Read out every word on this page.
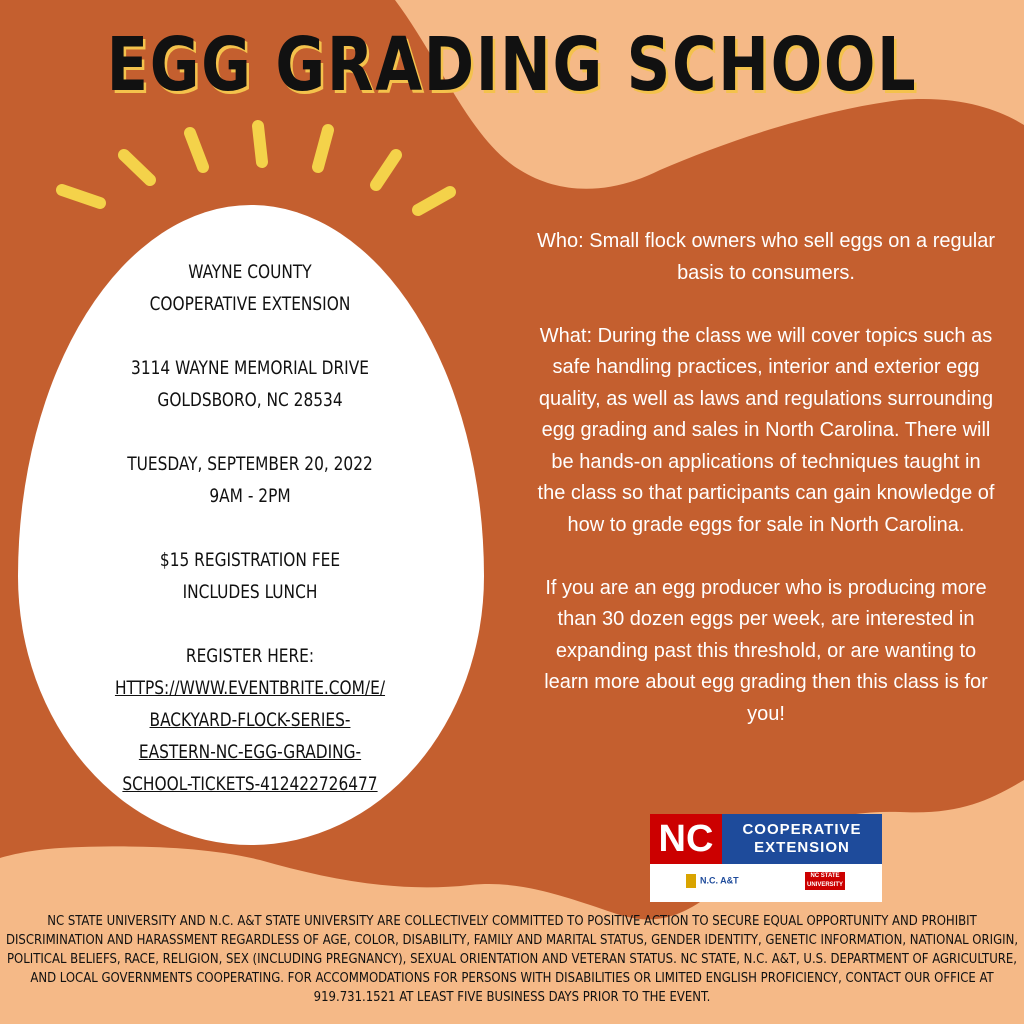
EGG GRADING SCHOOL
WAYNE COUNTY
COOPERATIVE EXTENSION
3114 WAYNE MEMORIAL DRIVE
GOLDSBORO, NC 28534
TUESDAY, SEPTEMBER 20, 2022
9AM - 2PM
$15 REGISTRATION FEE
INCLUDES LUNCH
REGISTER HERE:
HTTPS://WWW.EVENTBRITE.COM/E/
BACKYARD-FLOCK-SERIES-
EASTERN-NC-EGG-GRADING-
SCHOOL-TICKETS-412422726477

Who: Small flock owners who sell eggs on a regular basis to consumers.

What: During the class we will cover topics such as safe handling practices, interior and exterior egg quality, as well as laws and regulations surrounding egg grading and sales in North Carolina. There will be hands-on applications of techniques taught in the class so that participants can gain knowledge of how to grade eggs for sale in North Carolina.

If you are an egg producer who is producing more than 30 dozen eggs per week, are interested in expanding past this threshold, or are wanting to learn more about egg grading then this class is for you!

NC	COOPERATIVE
EXTENSION
N.C. A&T	NC STATE
UNIVERSITY
NC STATE UNIVERSITY AND N.C. A&T STATE UNIVERSITY ARE COLLECTIVELY COMMITTED TO POSITIVE ACTION TO SECURE EQUAL OPPORTUNITY AND PROHIBIT DISCRIMINATION AND HARASSMENT REGARDLESS OF AGE, COLOR, DISABILITY, FAMILY AND MARITAL STATUS, GENDER IDENTITY, GENETIC INFORMATION, NATIONAL ORIGIN, POLITICAL BELIEFS, RACE, RELIGION, SEX (INCLUDING PREGNANCY), SEXUAL ORIENTATION AND VETERAN STATUS. NC STATE, N.C. A&T, U.S. DEPARTMENT OF AGRICULTURE, AND LOCAL GOVERNMENTS COOPERATING. FOR ACCOMMODATIONS FOR PERSONS WITH DISABILITIES OR LIMITED ENGLISH PROFICIENCY, CONTACT OUR OFFICE AT 919.731.1521 AT LEAST FIVE BUSINESS DAYS PRIOR TO THE EVENT.
